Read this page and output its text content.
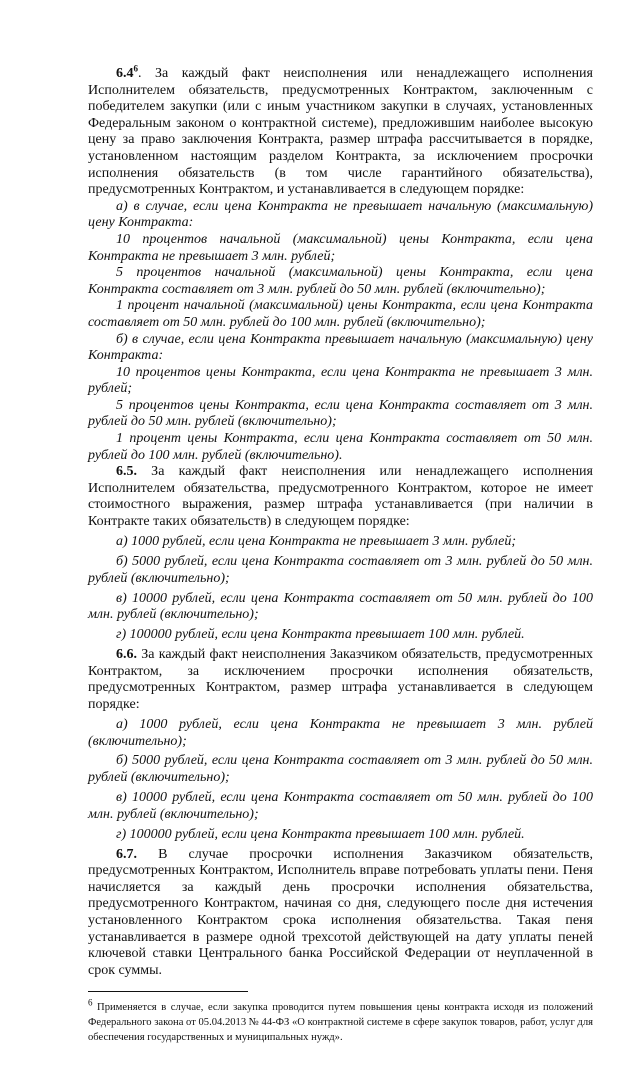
$6.4^6$. За каждый факт неисполнения или ненадлежащего исполнения Исполнителем обязательств, предусмотренных Контрактом, заключенным с победителем закупки (или с иным участником закупки в случаях, установленных Федеральным законом о контрактной системе), предложившим наиболее высокую цену за право заключения Контракта, размер штрафа рассчитывается в порядке, установленном настоящим разделом Контракта, за исключением просрочки исполнения обязательств (в том числе гарантийного обязательства), предусмотренных Контрактом, и устанавливается в следующем порядке:

а) в случае, если цена Контракта не превышает начальную (максимальную) цену Контракта:

10 процентов начальной (максимальной) цены Контракта, если цена Контракта не превышает 3 млн. рублей;

5 процентов начальной (максимальной) цены Контракта, если цена Контракта составляет от 3 млн. рублей до 50 млн. рублей (включительно);

1 процент начальной (максимальной) цены Контракта, если цена Контракта составляет от 50 млн. рублей до 100 млн. рублей (включительно);

б) в случае, если цена Контракта превышает начальную (максимальную) цену Контракта:

10 процентов цены Контракта, если цена Контракта не превышает 3 млн. рублей;

5 процентов цены Контракта, если цена Контракта составляет от 3 млн. рублей до 50 млн. рублей (включительно);

1 процент цены Контракта, если цена Контракта составляет от 50 млн. рублей до 100 млн. рублей (включительно).

6.5. За каждый факт неисполнения или ненадлежащего исполнения Исполнителем обязательства, предусмотренного Контрактом, которое не имеет стоимостного выражения, размер штрафа устанавливается (при наличии в Контракте таких обязательств) в следующем порядке:

а) 1000 рублей, если цена Контракта не превышает 3 млн. рублей;

б) 5000 рублей, если цена Контракта составляет от 3 млн. рублей до 50 млн. рублей (включительно);

в) 10000 рублей, если цена Контракта составляет от 50 млн. рублей до 100 млн. рублей (включительно);

г) 100000 рублей, если цена Контракта превышает 100 млн. рублей.

6.6. За каждый факт неисполнения Заказчиком обязательств, предусмотренных Контрактом, за исключением просрочки исполнения обязательств, предусмотренных Контрактом, размер штрафа устанавливается в следующем порядке:

а) 1000 рублей, если цена Контракта не превышает 3 млн. рублей (включительно);

б) 5000 рублей, если цена Контракта составляет от 3 млн. рублей до 50 млн. рублей (включительно);

в) 10000 рублей, если цена Контракта составляет от 50 млн. рублей до 100 млн. рублей (включительно);

г) 100000 рублей, если цена Контракта превышает 100 млн. рублей.

6.7. В случае просрочки исполнения Заказчиком обязательств, предусмотренных Контрактом, Исполнитель вправе потребовать уплаты пени. Пеня начисляется за каждый день просрочки исполнения обязательства, предусмотренного Контрактом, начиная со дня, следующего после дня истечения установленного Контрактом срока исполнения обязательства. Такая пеня устанавливается в размере одной трехсотой действующей на дату уплаты пеней ключевой ставки Центрального банка Российской Федерации от неуплаченной в срок суммы.

$^6$ Применяется в случае, если закупка проводится путем повышения цены контракта исходя из положений Федерального закона от 05.04.2013 № 44-ФЗ «О контрактной системе в сфере закупок товаров, работ, услуг для обеспечения государственных и муниципальных нужд».
